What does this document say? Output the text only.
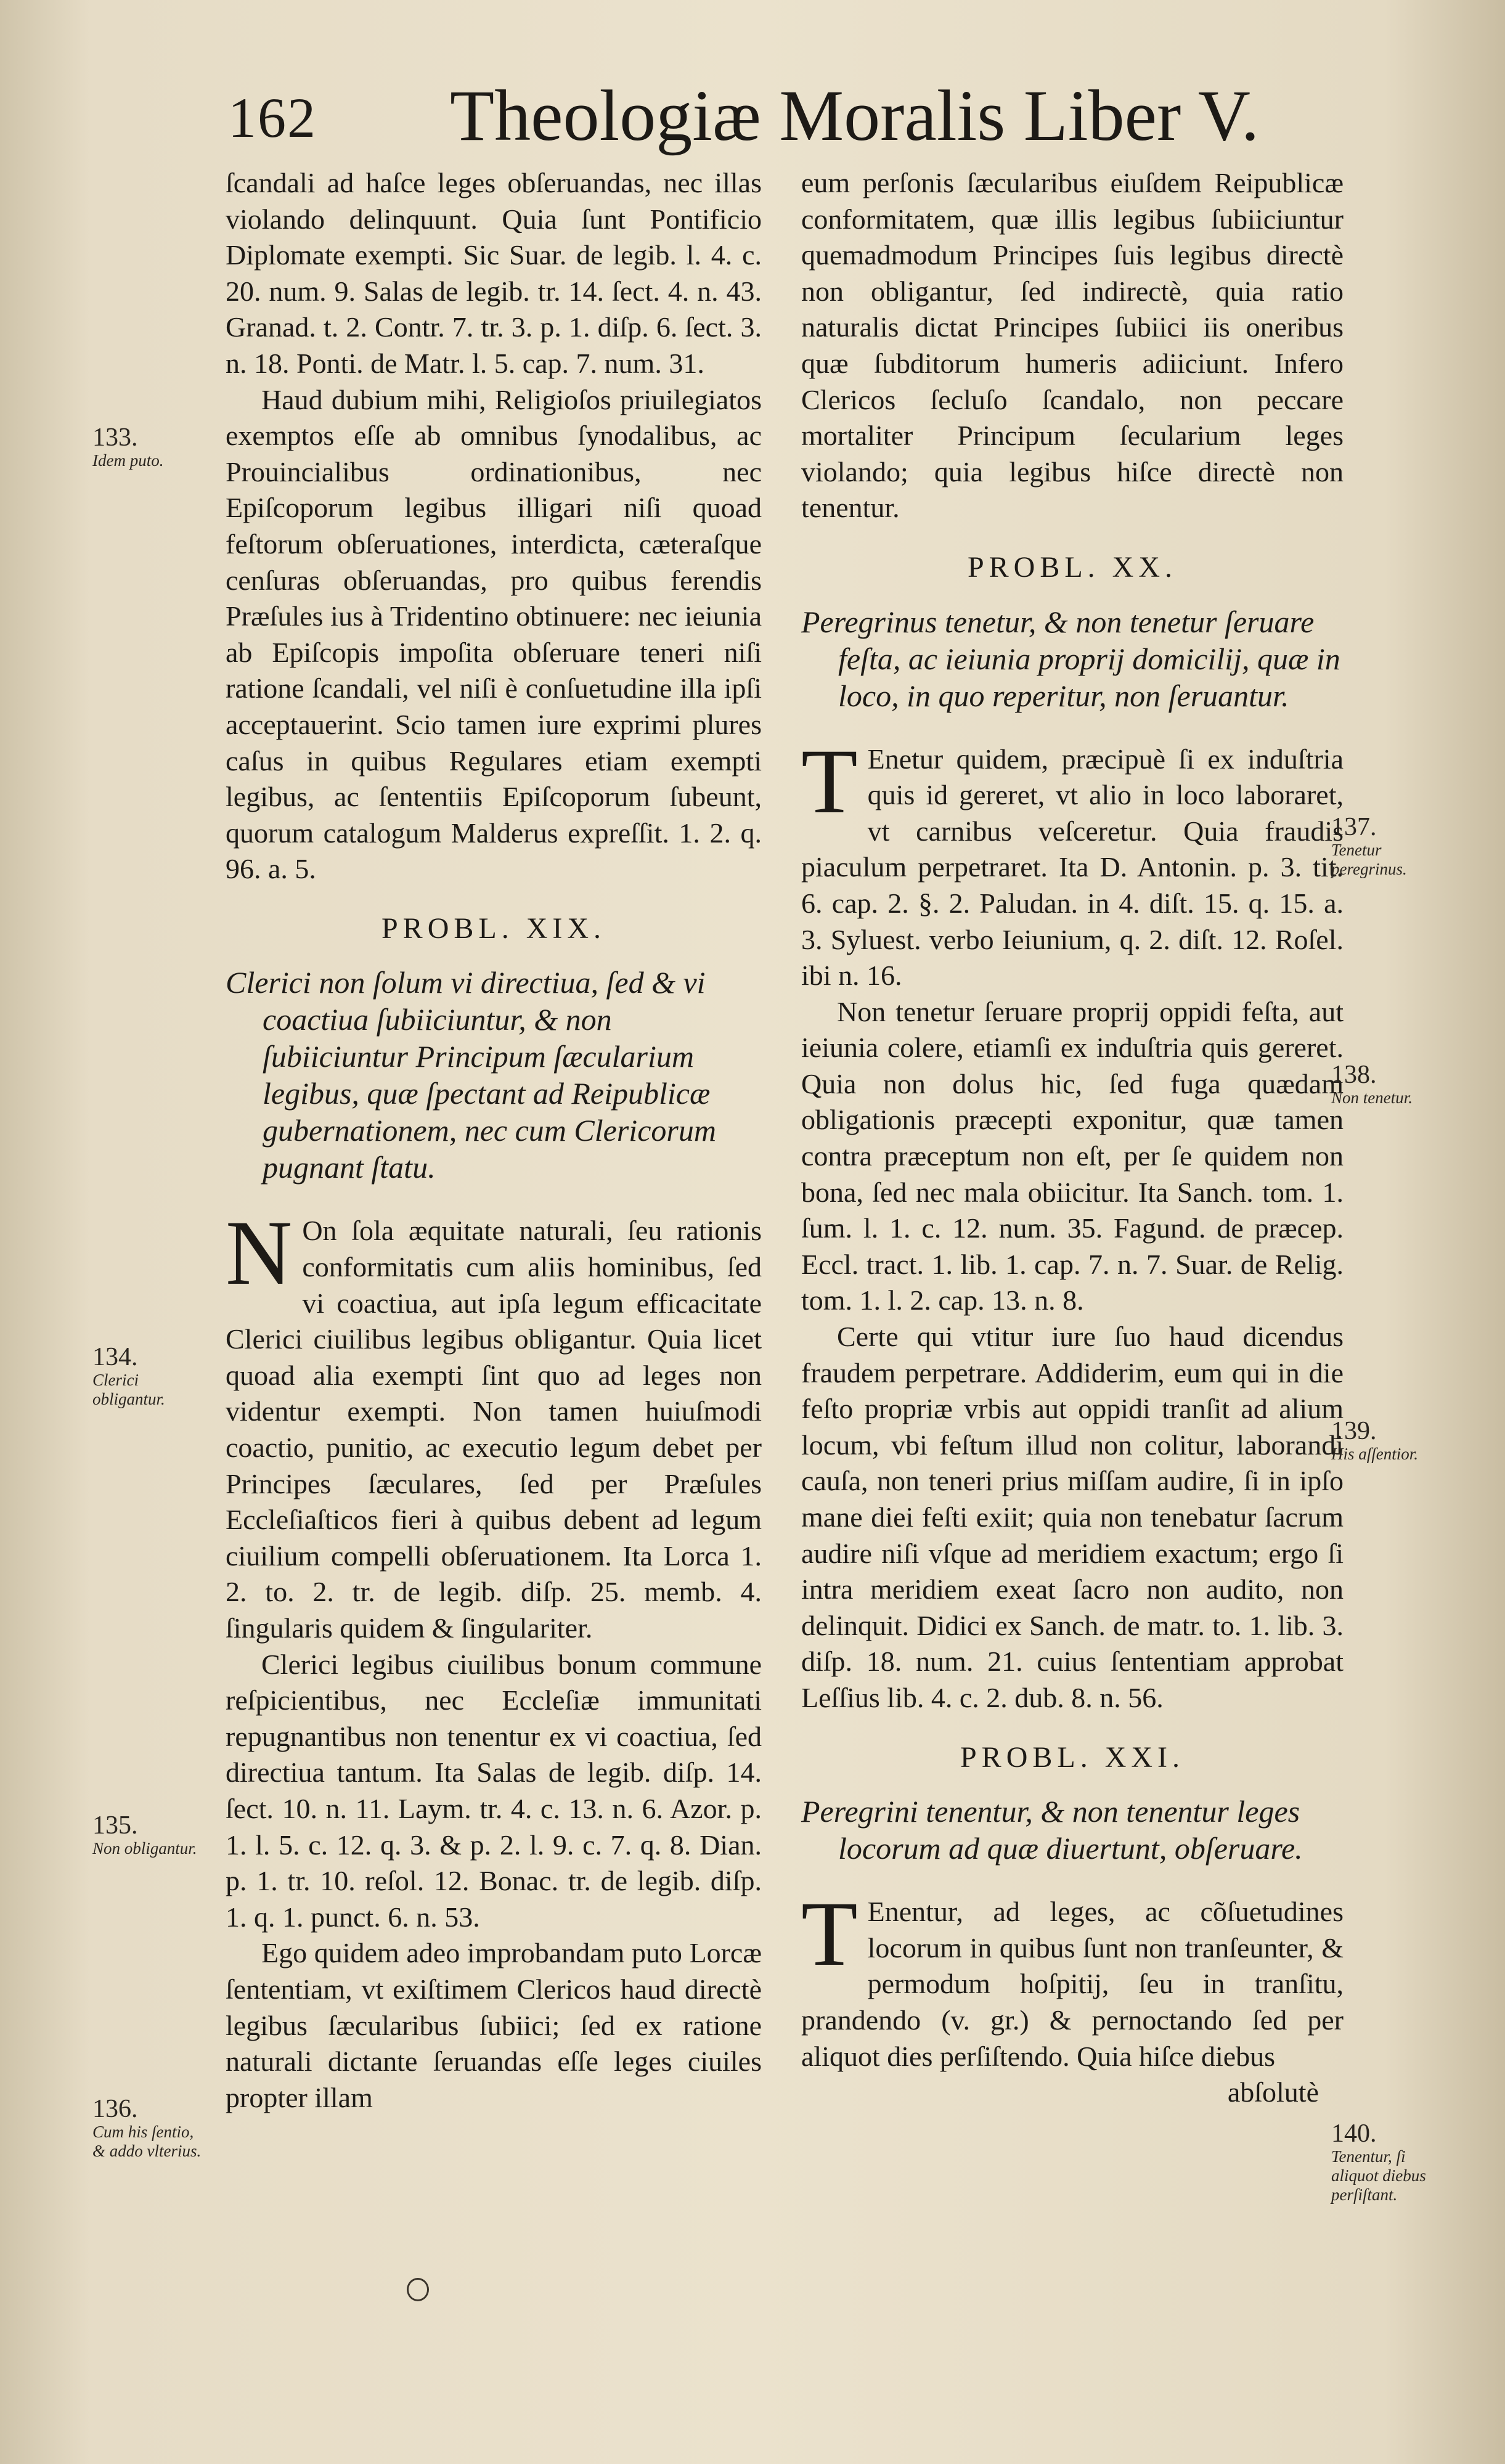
162 Theologiæ Moralis Liber V.

ſcandali ad haſce leges obſeruandas, nec illas violando delinquunt. Quia ſunt Pontificio Diplomate exempti. Sic Suar. de legib. l. 4. c. 20. num. 9. Salas de legib. tr. 14. ſect. 4. n. 43. Granad. t. 2. Contr. 7. tr. 3. p. 1. diſp. 6. ſect. 3. n. 18. Ponti. de Matr. l. 5. cap. 7. num. 31.

Haud dubium mihi, Religioſos priuilegiatos exemptos eſſe ab omnibus ſynodalibus, ac Prouincialibus ordinationibus, nec Epiſcoporum legibus illigari niſi quoad feſtorum obſeruationes, interdicta, cæteraſque cenſuras obſeruandas, pro quibus ferendis Præſules ius à Tridentino obtinuere: nec ieiunia ab Epiſcopis impoſita obſeruare teneri niſi ratione ſcandali, vel niſi è conſuetudine illa ipſi acceptauerint. Scio tamen iure exprimi plures caſus in quibus Regulares etiam exempti legibus, ac ſententiis Epiſcoporum ſubeunt, quorum catalogum Malderus expreſſit. 1. 2. q. 96. a. 5.

PROBL. XIX.
Clerici non ſolum vi directiua, ſed & vi coactiua ſubiiciuntur, & non ſubiiciuntur Principum ſæcularium legibus, quæ ſpectant ad Reipublicæ gubernationem, nec cum Clericorum pugnant ſtatu.

N On ſola æquitate naturali, ſeu rationis conformitatis cum aliis hominibus, ſed vi coactiua, aut ipſa legum efficacitate Clerici ciuilibus legibus obligantur. Quia licet quoad alia exempti ſint quo ad leges non videntur exempti. Non tamen huiuſmodi coactio, punitio, ac executio legum debet per Principes ſæculares, ſed per Præſules Eccleſiaſticos fieri à quibus debent ad legum ciuilium compelli obſeruationem. Ita Lorca 1. 2. to. 2. tr. de legib. diſp. 25. memb. 4. ſingularis quidem & ſingulariter.

Clerici legibus ciuilibus bonum commune reſpicientibus, nec Eccleſiæ immunitati repugnantibus non tenentur ex vi coactiua, ſed directiua tantum. Ita Salas de legib. diſp. 14. ſect. 10. n. 11. Laym. tr. 4. c. 13. n. 6. Azor. p. 1. l. 5. c. 12. q. 3. & p. 2. l. 9. c. 7. q. 8. Dian. p. 1. tr. 10. reſol. 12. Bonac. tr. de legib. diſp. 1. q. 1. punct. 6. n. 53.

Ego quidem adeo improbandam puto Lorcæ ſententiam, vt exiſtimem Clericos haud directè legibus ſæcularibus ſubiici; ſed ex ratione naturali dictante ſeruandas eſſe leges ciuiles propter illam

eum perſonis ſæcularibus eiuſdem Reipublicæ conformitatem, quæ illis legibus ſubiiciuntur quemadmodum Principes ſuis legibus directè non obligantur, ſed indirectè, quia ratio naturalis dictat Principes ſubiici iis oneribus quæ ſubditorum humeris adiiciunt. Infero Clericos ſecluſo ſcandalo, non peccare mortaliter Principum ſecularium leges violando; quia legibus hiſce directè non tenentur.

PROBL. XX.
Peregrinus tenetur, & non tenetur ſeruare feſta, ac ieiunia proprij domicilij, quæ in loco, in quo reperitur, non ſeruantur.

T Enetur quidem, præcipuè ſi ex induſtria quis id gereret, vt alio in loco laboraret, vt carnibus veſceretur. Quia fraudis piaculum perpetraret. Ita D. Antonin. p. 3. tit. 6. cap. 2. §. 2. Paludan. in 4. diſt. 15. q. 15. a. 3. Syluest. verbo Ieiunium, q. 2. diſt. 12. Roſel. ibi n. 16.

Non tenetur ſeruare proprij oppidi feſta, aut ieiunia colere, etiamſi ex induſtria quis gereret. Quia non dolus hic, ſed fuga quædam obligationis præcepti exponitur, quæ tamen contra præceptum non eſt, per ſe quidem non bona, ſed nec mala obiicitur. Ita Sanch. tom. 1. ſum. l. 1. c. 12. num. 35. Fagund. de præcep. Eccl. tract. 1. lib. 1. cap. 7. n. 7. Suar. de Relig. tom. 1. l. 2. cap. 13. n. 8.

Certe qui vtitur iure ſuo haud dicendus fraudem perpetrare. Addiderim, eum qui in die feſto propriæ vrbis aut oppidi tranſit ad alium locum, vbi feſtum illud non colitur, laborandi cauſa, non teneri prius miſſam audire, ſi in ipſo mane diei feſti exiit; quia non tenebatur ſacrum audire niſi vſque ad meridiem exactum; ergo ſi intra meridiem exeat ſacro non audito, non delinquit. Didici ex Sanch. de matr. to. 1. lib. 3. diſp. 18. num. 21. cuius ſententiam approbat Leſſius lib. 4. c. 2. dub. 8. n. 56.

PROBL. XXI.
Peregrini tenentur, & non tenentur leges locorum ad quæ diuertunt, obſeruare.

T Enentur, ad leges, ac cõſuetudines locorum in quibus ſunt non tranſeunter, & permodum hoſpitij, ſeu in tranſitu, prandendo (v. gr.) & pernoctando ſed per aliquot dies perſiſtendo. Quia hiſce diebus

abſolutè

133.
Idem puto.
134.
Clerici obligantur.
135.
Non obligantur.
136.
Cum his ſentio, & addo vlterius.
137.
Tenetur peregrinus.
138.
Non tenetur.
139.
His aſſentior.
140.
Tenentur, ſi aliquot diebus perſiſtant.
